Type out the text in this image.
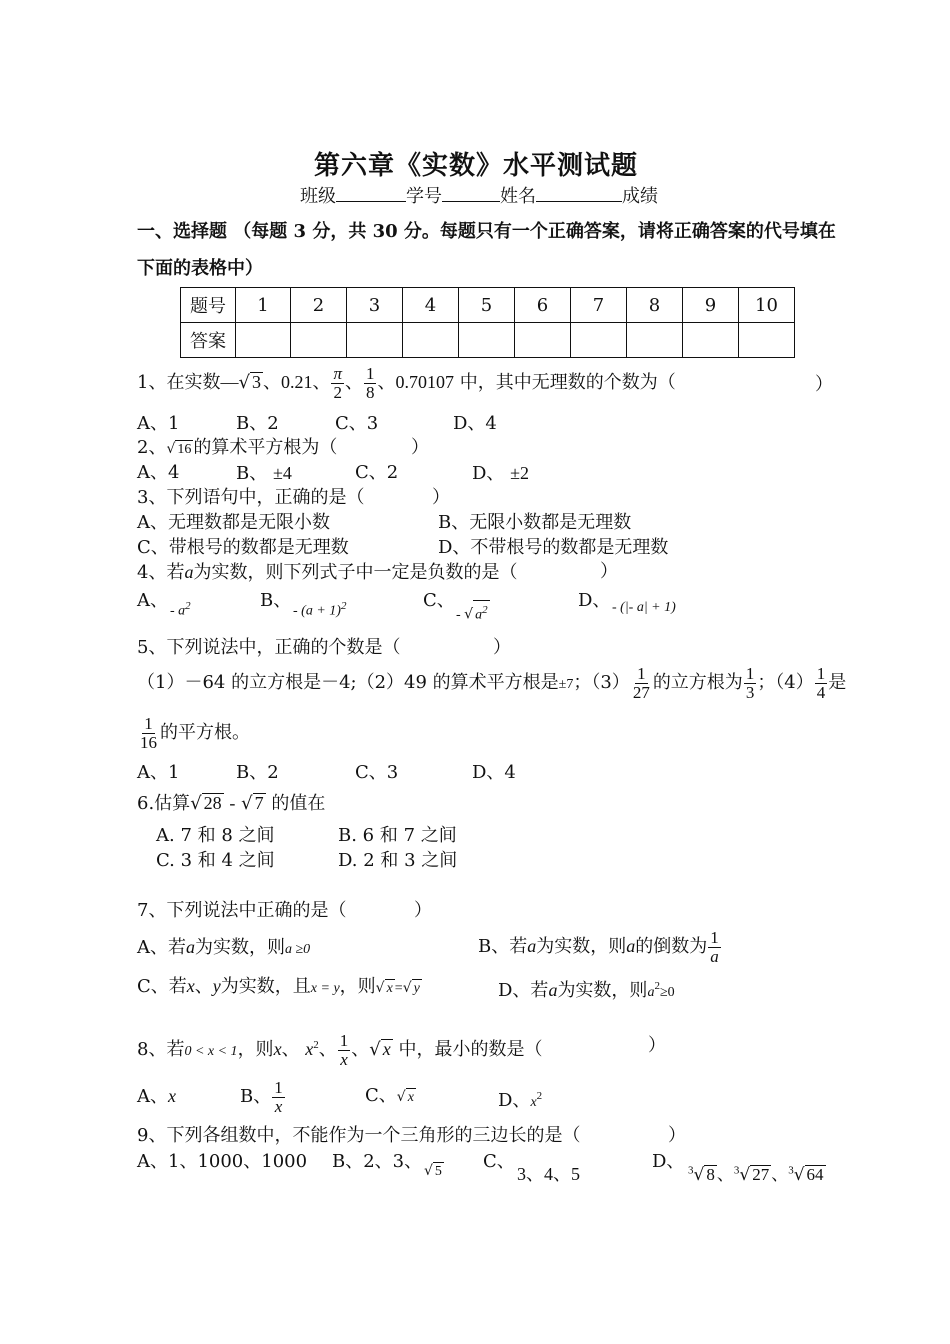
第六章《实数》水平测试题
班级	学号	姓名	成绩
一、选择题 （每题 3 分，共 30 分。每题只有一个正确答案，请将正确答案的代号填在
下面的表格中）
题号	1	2	3	4	5	6	7	8	9	10
答案										
1、在实数—√ 3 、0.21、 $\frac{\pi}{2}$ 、 $\frac{1}{8}$ 、0.70107 中，其中无理数的个数为（	）
A、1	B、2	C、3	D、4
2、√ 16 的算术平方根为（	）
A、4	B、 ±4	C、2	D、 ±2
3、下列语句中，正确的是（	）
A、无理数都是无限小数	B、无限小数都是无理数
C、带根号的数都是无理数	D、不带根号的数都是无理数
4、若a为实数，则下列式子中一定是负数的是（	）
A、
- $a^2$	B、
- $(a + 1)^2$	C、
- √ $a^2$	D、 - (|- a| + 1)
5、下列说法中，正确的个数是（	）
（1）－64 的立方根是－4;（2）49 的算术平方根是±7；$(3) \frac{1}{27}$ 的立方根为 $\frac{1}{3}$ ；$(4) \frac{1}{4}$ 是
$\frac{1}{16}$ 的平方根。
A、1	B、2	C、3	D、4
6.估算√ 28 - √ 7 的值在
A. 7 和 8 之间	B. 6 和 7 之间
C. 3 和 4 之间	D. 2 和 3 之间
7、下列说法中正确的是（	）
A、若a为实数，则a ≥0	B、若a为实数，则a的倒数为 $\frac{1}{a}$
C、若x、y为实数，且x = y，则√ x =√ y	D、若a为实数，则$a^2\ge 0$
8、若0 < x < 1，则x、 $x^2$、 $\frac{1}{x}$ 、√ x 中，最小的数是（	）
A、x	B、 $\frac{1}{x}$	C、√ x	D、$x^2$
9、下列各组数中，不能作为一个三角形的三边长的是（	）
A、1、1000、1000 B、2、3、 √ 5 C、
3、4、5
D、 $^3$√ 8 、$^3$√ 27 、$^3$√ 64
